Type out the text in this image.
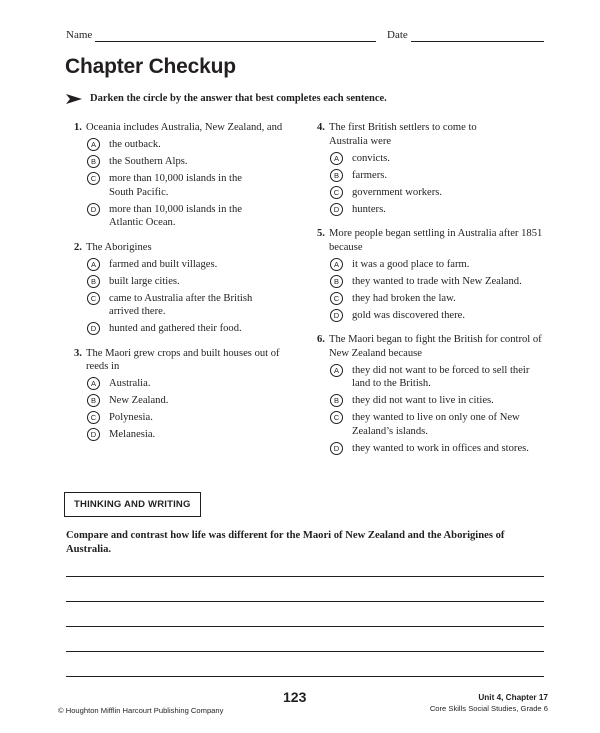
Name	Date
Chapter Checkup
Darken the circle by the answer that best completes each sentence.
1. Oceania includes Australia, New Zealand, and
A	the outback.
B	the Southern Alps.
C	more than 10,000 islands in the South Pacific.
D	more than 10,000 islands in the Atlantic Ocean.
2. The Aborigines
A	farmed and built villages.
B	built large cities.
C	came to Australia after the British arrived there.
D	hunted and gathered their food.
3. The Maori grew crops and built houses out of reeds in
A	Australia.
B	New Zealand.
C	Polynesia.
D	Melanesia.
4. The first British settlers to come to Australia were
A	convicts.
B	farmers.
C	government workers.
D	hunters.
5. More people began settling in Australia after 1851 because
A	it was a good place to farm.
B	they wanted to trade with New Zealand.
C	they had broken the law.
D	gold was discovered there.
6. The Maori began to fight the British for control of New Zealand because
A	they did not want to be forced to sell their land to the British.
B	they did not want to live in cities.
C	they wanted to live on only one of New Zealand’s islands.
D	they wanted to work in offices and stores.
THINKING AND WRITING
Compare and contrast how life was different for the Maori of New Zealand and the Aborigines of Australia.
123
© Houghton Mifflin Harcourt Publishing Company
Unit 4, Chapter 17
Core Skills Social Studies, Grade 6
